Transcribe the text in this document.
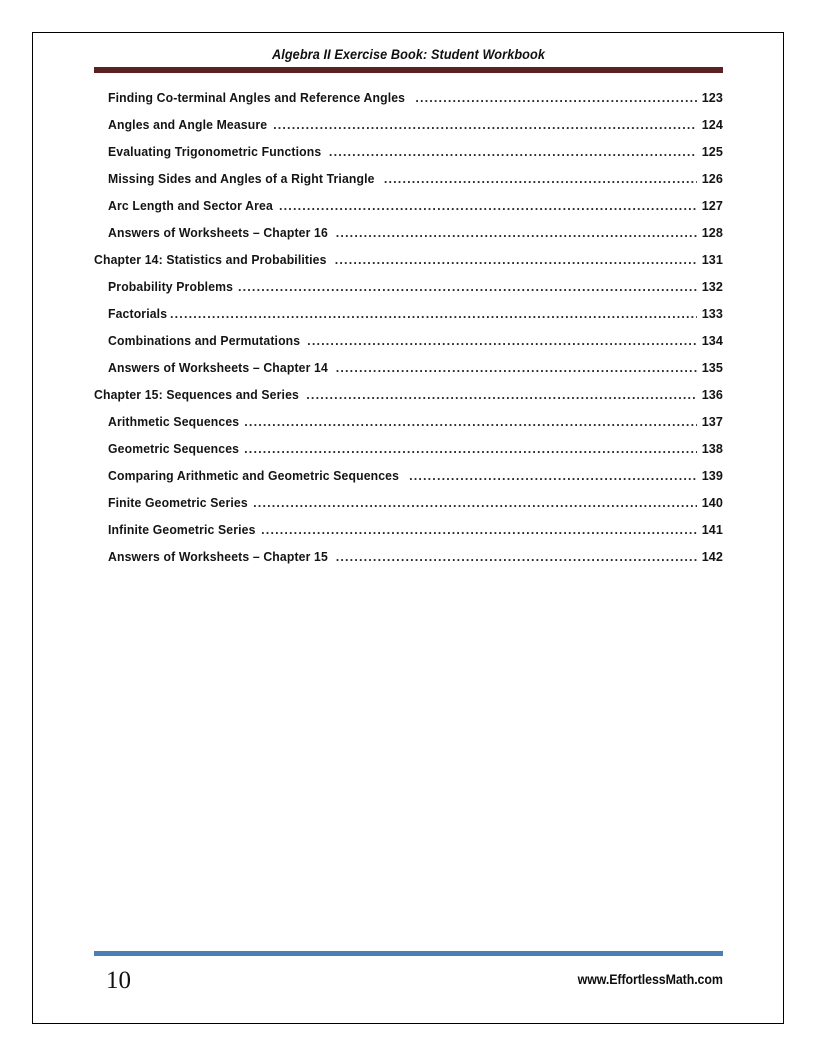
Algebra II Exercise Book: Student Workbook
Finding Co-terminal Angles and Reference Angles .....	123
Angles and Angle Measure .....	124
Evaluating Trigonometric Functions .....	125
Missing Sides and Angles of a Right Triangle .....	126
Arc Length and Sector Area .....	127
Answers of Worksheets – Chapter 16 .....	128
Chapter 14: Statistics and Probabilities .....	131
Probability Problems .....	132
Factorials .....	133
Combinations and Permutations .....	134
Answers of Worksheets – Chapter 14 .....	135
Chapter 15: Sequences and Series .....	136
Arithmetic Sequences .....	137
Geometric Sequences .....	138
Comparing Arithmetic and Geometric Sequences .....	139
Finite Geometric Series .....	140
Infinite Geometric Series .....	141
Answers of Worksheets – Chapter 15 .....	142
10	www.EffortlessMath.com
